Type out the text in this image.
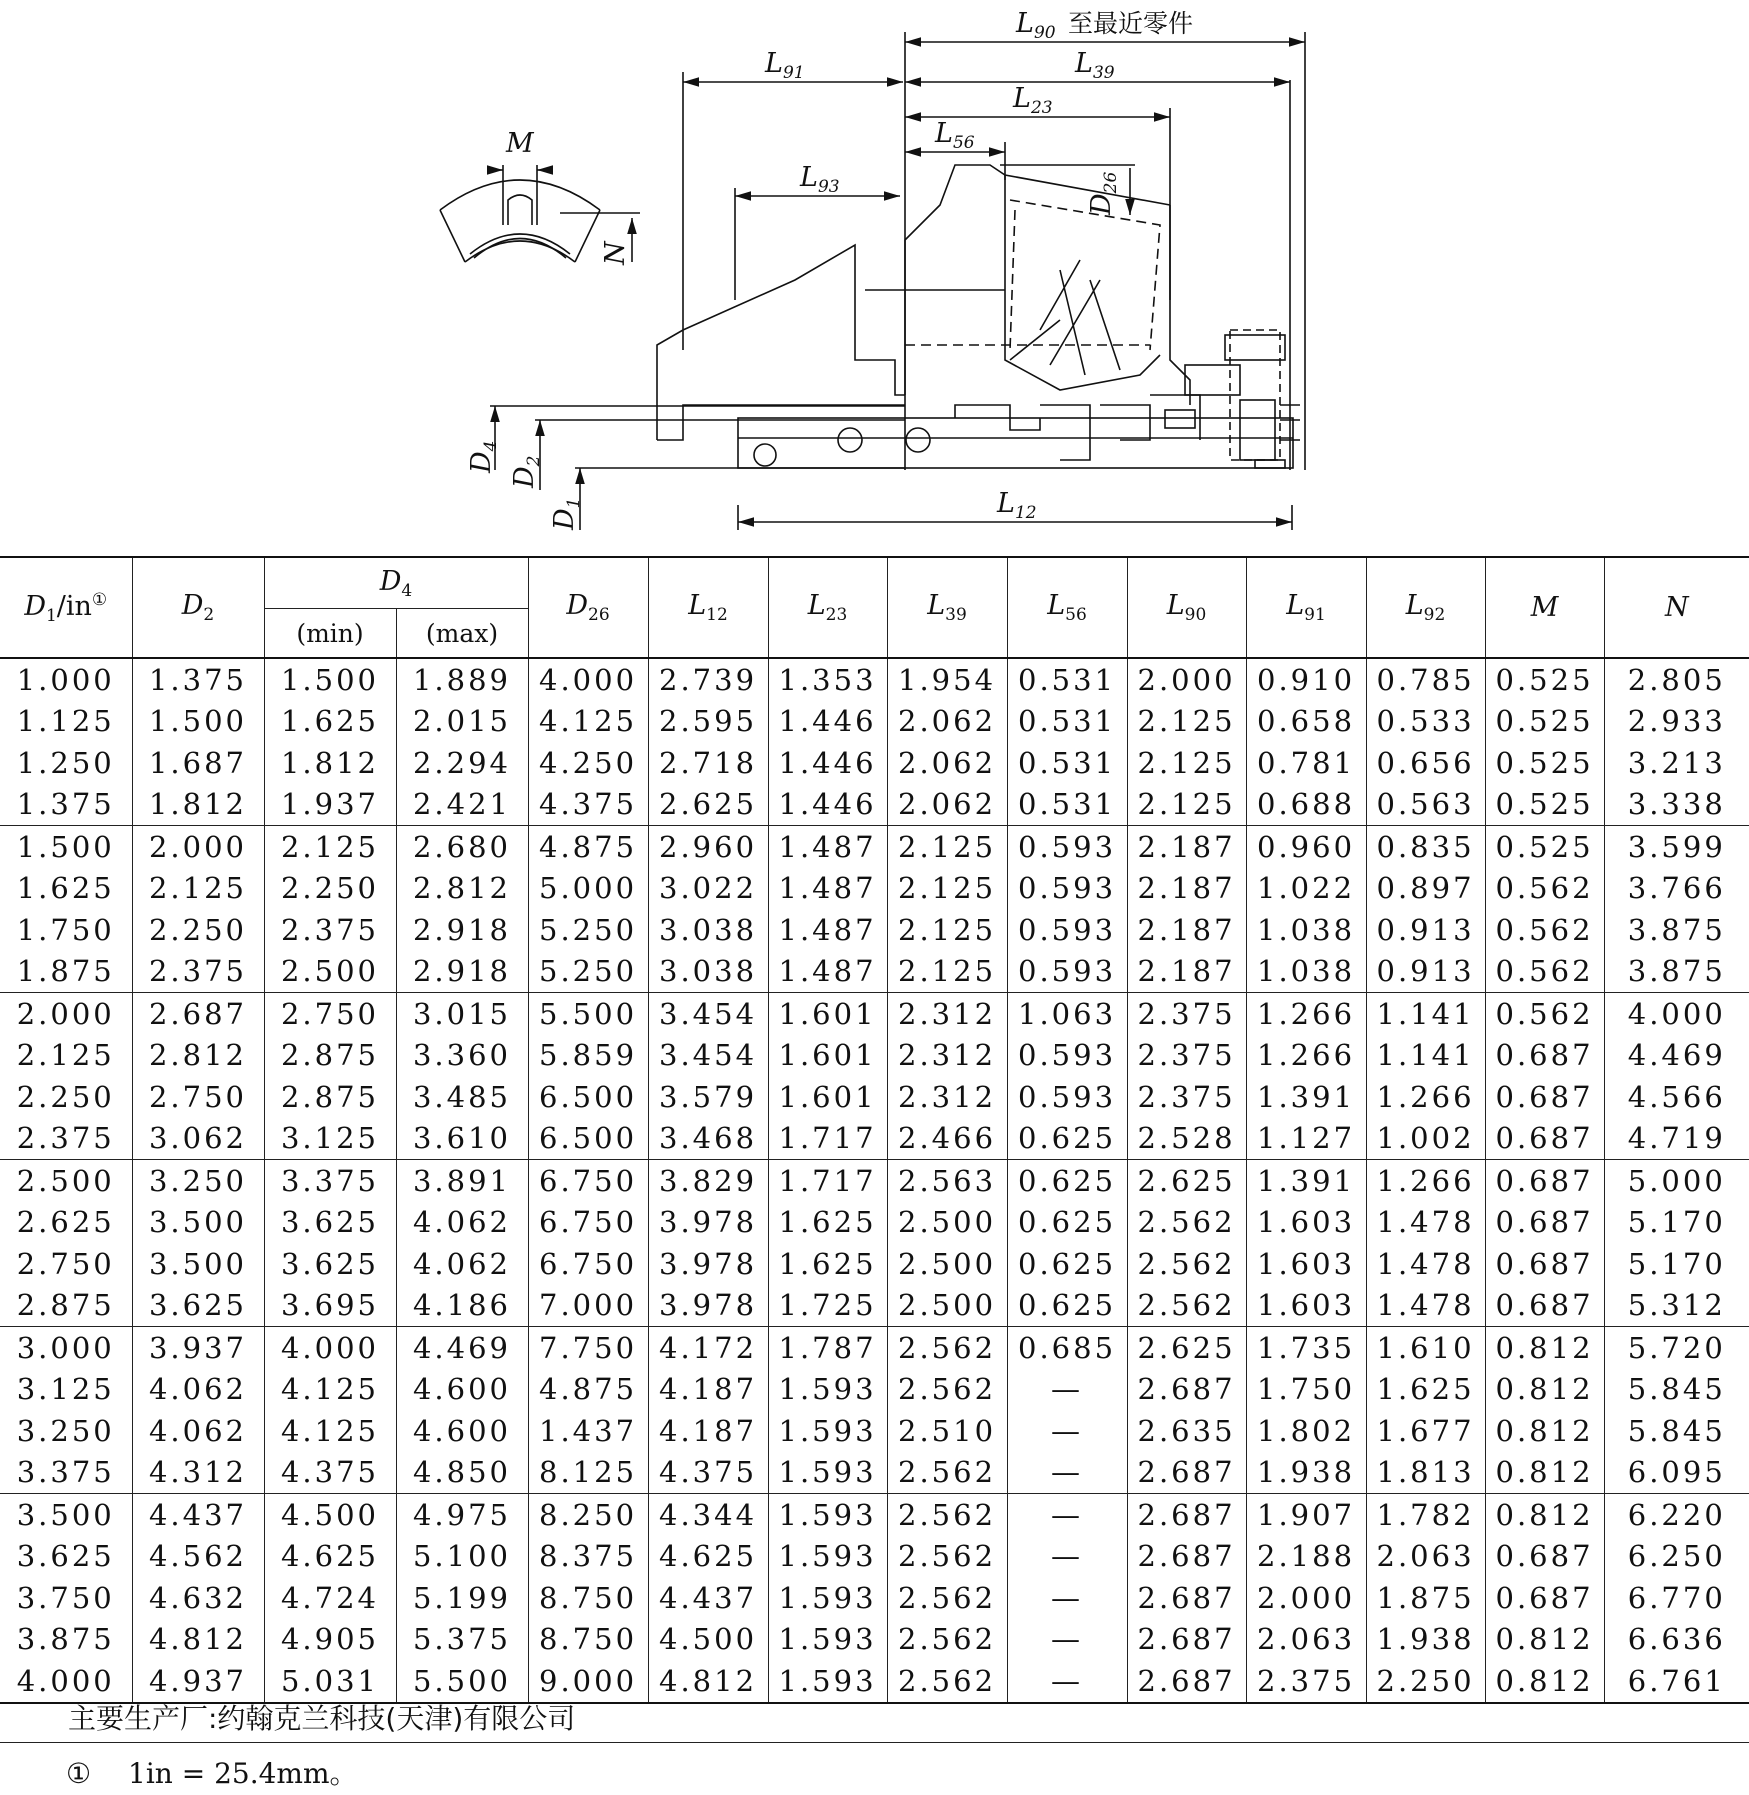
$L_{90}$ 至最近零件
$L_{39}$
$L_{91}$
$L_{23}$
$L_{56}$
$L_{93}$
$D_{26}$
M
N
$D_4$
$D_2$
$D_1$	$L_{12}$
$D_1/in^①$	$D_2$	$D_4$		$D_{26}$	$L_{12}$	$L_{23}$	$L_{39}$	$L_{56}$	$L_{90}$	$L_{91}$	$L_{92}$	M	N
		(min)	(max)										
1.000	1.375	1.500	1.889	4.000	2.739	1.353	1.954	0.531	2.000	0.910	0.785	0.525	2.805
1.125	1.500	1.625	2.015	4.125	2.595	1.446	2.062	0.531	2.125	0.658	0.533	0.525	2.933
1.250	1.687	1.812	2.294	4.250	2.718	1.446	2.062	0.531	2.125	0.781	0.656	0.525	3.213
1.375	1.812	1.937	2.421	4.375	2.625	1.446	2.062	0.531	2.125	0.688	0.563	0.525	3.338
1.500	2.000	2.125	2.680	4.875	2.960	1.487	2.125	0.593	2.187	0.960	0.835	0.525	3.599
1.625	2.125	2.250	2.812	5.000	3.022	1.487	2.125	0.593	2.187	1.022	0.897	0.562	3.766
1.750	2.250	2.375	2.918	5.250	3.038	1.487	2.125	0.593	2.187	1.038	0.913	0.562	3.875
1.875	2.375	2.500	2.918	5.250	3.038	1.487	2.125	0.593	2.187	1.038	0.913	0.562	3.875
2.000	2.687	2.750	3.015	5.500	3.454	1.601	2.312	1.063	2.375	1.266	1.141	0.562	4.000
2.125	2.812	2.875	3.360	5.859	3.454	1.601	2.312	0.593	2.375	1.266	1.141	0.687	4.469
2.250	2.750	2.875	3.485	6.500	3.579	1.601	2.312	0.593	2.375	1.391	1.266	0.687	4.566
2.375	3.062	3.125	3.610	6.500	3.468	1.717	2.466	0.625	2.528	1.127	1.002	0.687	4.719
2.500	3.250	3.375	3.891	6.750	3.829	1.717	2.563	0.625	2.625	1.391	1.266	0.687	5.000
2.625	3.500	3.625	4.062	6.750	3.978	1.625	2.500	0.625	2.562	1.603	1.478	0.687	5.170
2.750	3.500	3.625	4.062	6.750	3.978	1.625	2.500	0.625	2.562	1.603	1.478	0.687	5.170
2.875	3.625	3.695	4.186	7.000	3.978	1.725	2.500	0.625	2.562	1.603	1.478	0.687	5.312
3.000	3.937	4.000	4.469	7.750	4.172	1.787	2.562	0.685	2.625	1.735	1.610	0.812	5.720
3.125	4.062	4.125	4.600	4.875	4.187	1.593	2.562	—	2.687	1.750	1.625	0.812	5.845
3.250	4.062	4.125	4.600	1.437	4.187	1.593	2.510	—	2.635	1.802	1.677	0.812	5.845
3.375	4.312	4.375	4.850	8.125	4.375	1.593	2.562	—	2.687	1.938	1.813	0.812	6.095
3.500	4.437	4.500	4.975	8.250	4.344	1.593	2.562	—	2.687	1.907	1.782	0.812	6.220
3.625	4.562	4.625	5.100	8.375	4.625	1.593	2.562	—	2.687	2.188	2.063	0.687	6.250
3.750	4.632	4.724	5.199	8.750	4.437	1.593	2.562	—	2.687	2.000	1.875	0.687	6.770
3.875	4.812	4.905	5.375	8.750	4.500	1.593	2.562	—	2.687	2.063	1.938	0.812	6.636
4.000	4.937	5.031	5.500	9.000	4.812	1.593	2.562	—	2.687	2.375	2.250	0.812	6.761
主要生产厂:约翰克兰科技(天津)有限公司
① 1in = 25.4mm。
